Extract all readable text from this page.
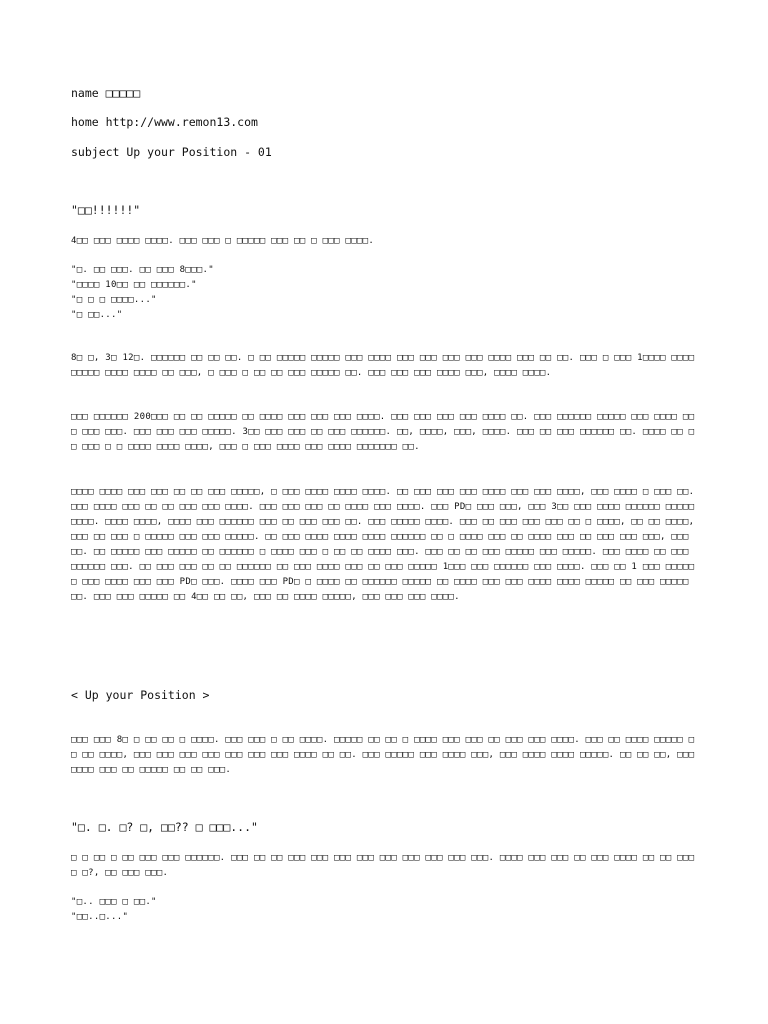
name □□□□□

home http://www.remon13.com

subject Up your Position - 01

"□□!!!!!!"

4□□ □□□ □□□□ □□□□. □□□ □□□ □ □□□□□ □□□ □□ □ □□□ □□□□.

"□. □□ □□□. □□ □□□ 8□□□."

"□□□□ 10□□ □□ □□□□□□."

"□ □ □ □□□□..."

"□ □□..."

8□ □, 3□ 12□. □□□□□□ □□ □□ □□. □ □□ □□□□□ □□□□□ □□□ □□□□ □□□ □□□ □□□ □□□ □□□□ □□□ □□ □□. □□□ □ □□□ 1□□□□ □□□□ □□□□□ □□□□ □□□□ □□ □□□, □ □□□ □ □□ □□ □□□ □□□□□ □□. □□□ □□□ □□□ □□□□ □□□, □□□□ □□□□.

□□□ □□□□□□ 200□□□ □□ □□ □□□□□ □□ □□□□ □□□ □□□ □□□ □□□□. □□□ □□□ □□□ □□□ □□□□ □□. □□□ □□□□□□ □□□□□ □□□ □□□□ □□□ □□□ □□□. □□□ □□□ □□□ □□□□□. 3□□ □□□ □□□ □□ □□□ □□□□□□. □□, □□□□, □□□, □□□□. □□□ □□ □□□ □□□□□□ □□. □□□□ □□ □□ □□□ □ □ □□□□ □□□□ □□□□, □□□ □ □□□ □□□□ □□□ □□□□ □□□□□□□ □□.

□□□□ □□□□ □□□ □□□ □□ □□ □□□ □□□□□, □ □□□ □□□□ □□□□ □□□□. □□ □□□ □□□ □□□ □□□□ □□□ □□□ □□□□, □□□ □□□□ □ □□□ □□. □□□ □□□□ □□□ □□ □□ □□□ □□□ □□□□. □□□ □□□ □□□ □□ □□□□ □□□ □□□□. □□□ PD□ □□□ □□□, □□□ 3□□ □□□ □□□□ □□□□□□ □□□□□ □□□□. □□□□ □□□□, □□□□ □□□ □□□□□□ □□□ □□ □□□ □□□ □□. □□□ □□□□□ □□□□. □□□ □□ □□□ □□□ □□□ □□ □ □□□□, □□ □□ □□□□,  □□□ □□ □□□ □ □□□□□ □□□ □□□ □□□□□. □□ □□□ □□□□ □□□□ □□□□ □□□□□□ □□ □ □□□□ □□□ □□ □□□□ □□□ □□ □□□ □□□ □□□, □□□ □□. □□ □□□□□ □□□ □□□□□ □□ □□□□□□ □ □□□□ □□□ □ □□ □□ □□□□ □□□. □□□ □□ □□ □□□ □□□□□ □□□ □□□□□. □□□ □□□□ □□ □□□ □□□□□□ □□□. □□ □□□ □□□ □□ □□ □□□□□□ □□ □□□ □□□□ □□□ □□ □□□ □□□□□ 1□□□ □□□ □□□□□□ □□□ □□□□. □□□ □□ 1 □□□ □□□□□□ □□□ □□□□ □□□ □□□ PD□ □□□. □□□□ □□□ PD□ □ □□□□ □□ □□□□□□ □□□□□ □□ □□□□ □□□ □□□ □□□□ □□□□ □□□□□ □□ □□□ □□□□□ □□. □□□ □□□ □□□□□ □□ 4□□ □□ □□, □□□ □□ □□□□ □□□□□, □□□ □□□ □□□ □□□□.

< Up your Position >

□□□ □□□ 8□ □ □□ □□ □ □□□□. □□□ □□□ □ □□ □□□□. □□□□□ □□ □□ □ □□□□ □□□ □□□ □□ □□□ □□□ □□□□. □□□ □□ □□□□ □□□□□ □□ □□ □□□□, □□□ □□□ □□□ □□□ □□□ □□□ □□□ □□□□ □□ □□. □□□ □□□□□ □□□ □□□□ □□□, □□□ □□□□ □□□□ □□□□□. □□ □□ □□, □□□ □□□□ □□□ □□ □□□□□ □□ □□ □□□.

"□. □. □? □, □□?? □ □□□..."

□ □ □□ □ □□ □□□ □□□ □□□□□□. □□□ □□ □□ □□□ □□□ □□□ □□□ □□□ □□□ □□□ □□□ □□□. □□□□ □□□ □□□ □□ □□□ □□□□ □□ □□ □□□□ □?, □□ □□□ □□□.

"□.. □□□ □ □□."

"□□..□..."
